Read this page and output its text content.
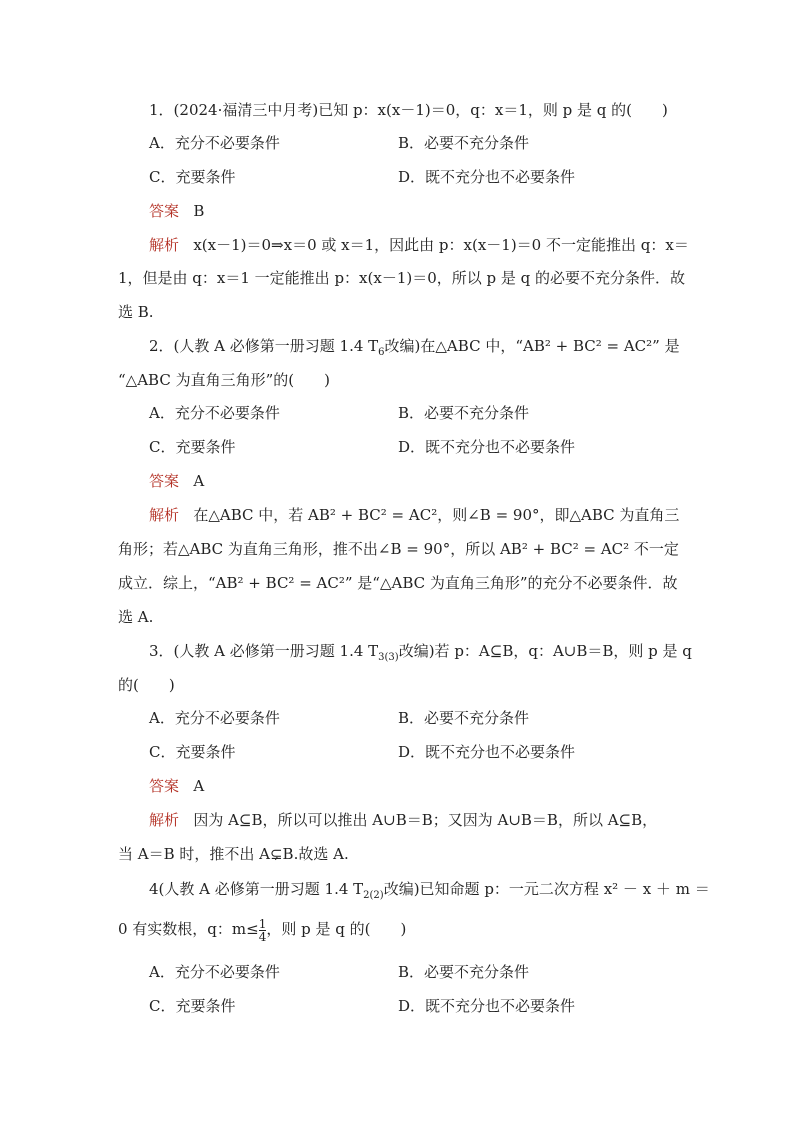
1．(2024·福清三中月考)已知 p：x(x－1)＝0，q：x＝1，则 p 是 q 的(　　)
A．充分不必要条件	B．必要不充分条件
C．充要条件	D．既不充分也不必要条件
答案 B
解析 x(x－1)＝0⇒x＝0 或 x＝1，因此由 p：x(x－1)＝0 不一定能推出 q：x＝
1，但是由 q：x＝1 一定能推出 p：x(x－1)＝0，所以 p 是 q 的必要不充分条件．故
选 B.
2．(人教 A 必修第一册习题 1.4 $T_6$改编)在△ABC 中，“AB² + BC² = AC²” 是
“△ABC 为直角三角形”的(　　)
A．充分不必要条件	B．必要不充分条件
C．充要条件	D．既不充分也不必要条件
答案 A
解析 在△ABC 中，若 AB² + BC² = AC²，则∠B = 90°，即△ABC 为直角三
角形；若△ABC 为直角三角形，推不出∠B = 90°，所以 AB² + BC² = AC² 不一定
成立．综上，“AB² + BC² = AC²” 是“△ABC 为直角三角形”的充分不必要条件．故
选 A.
3．(人教 A 必修第一册习题 1.4 $T_{3(3)}$改编)若 p：A⊆B，q：A∪B＝B，则 p 是 q
的(　　)
A．充分不必要条件	B．必要不充分条件
C．充要条件	D．既不充分也不必要条件
答案 A
解析 因为 A⊆B，所以可以推出 A∪B＝B；又因为 A∪B＝B，所以 A⊆B，
当 A＝B 时，推不出 A⊊B.故选 A.
4(人教 A 必修第一册习题 1.4 $T_{2(2)}$改编)已知命题 p：一元二次方程 x² － x ＋ m ＝
0 有实数根，q：$m\le \frac{1}{4}$ ，则 p 是 q 的(　　)
A．充分不必要条件	B．必要不充分条件
C．充要条件	D．既不充分也不必要条件
